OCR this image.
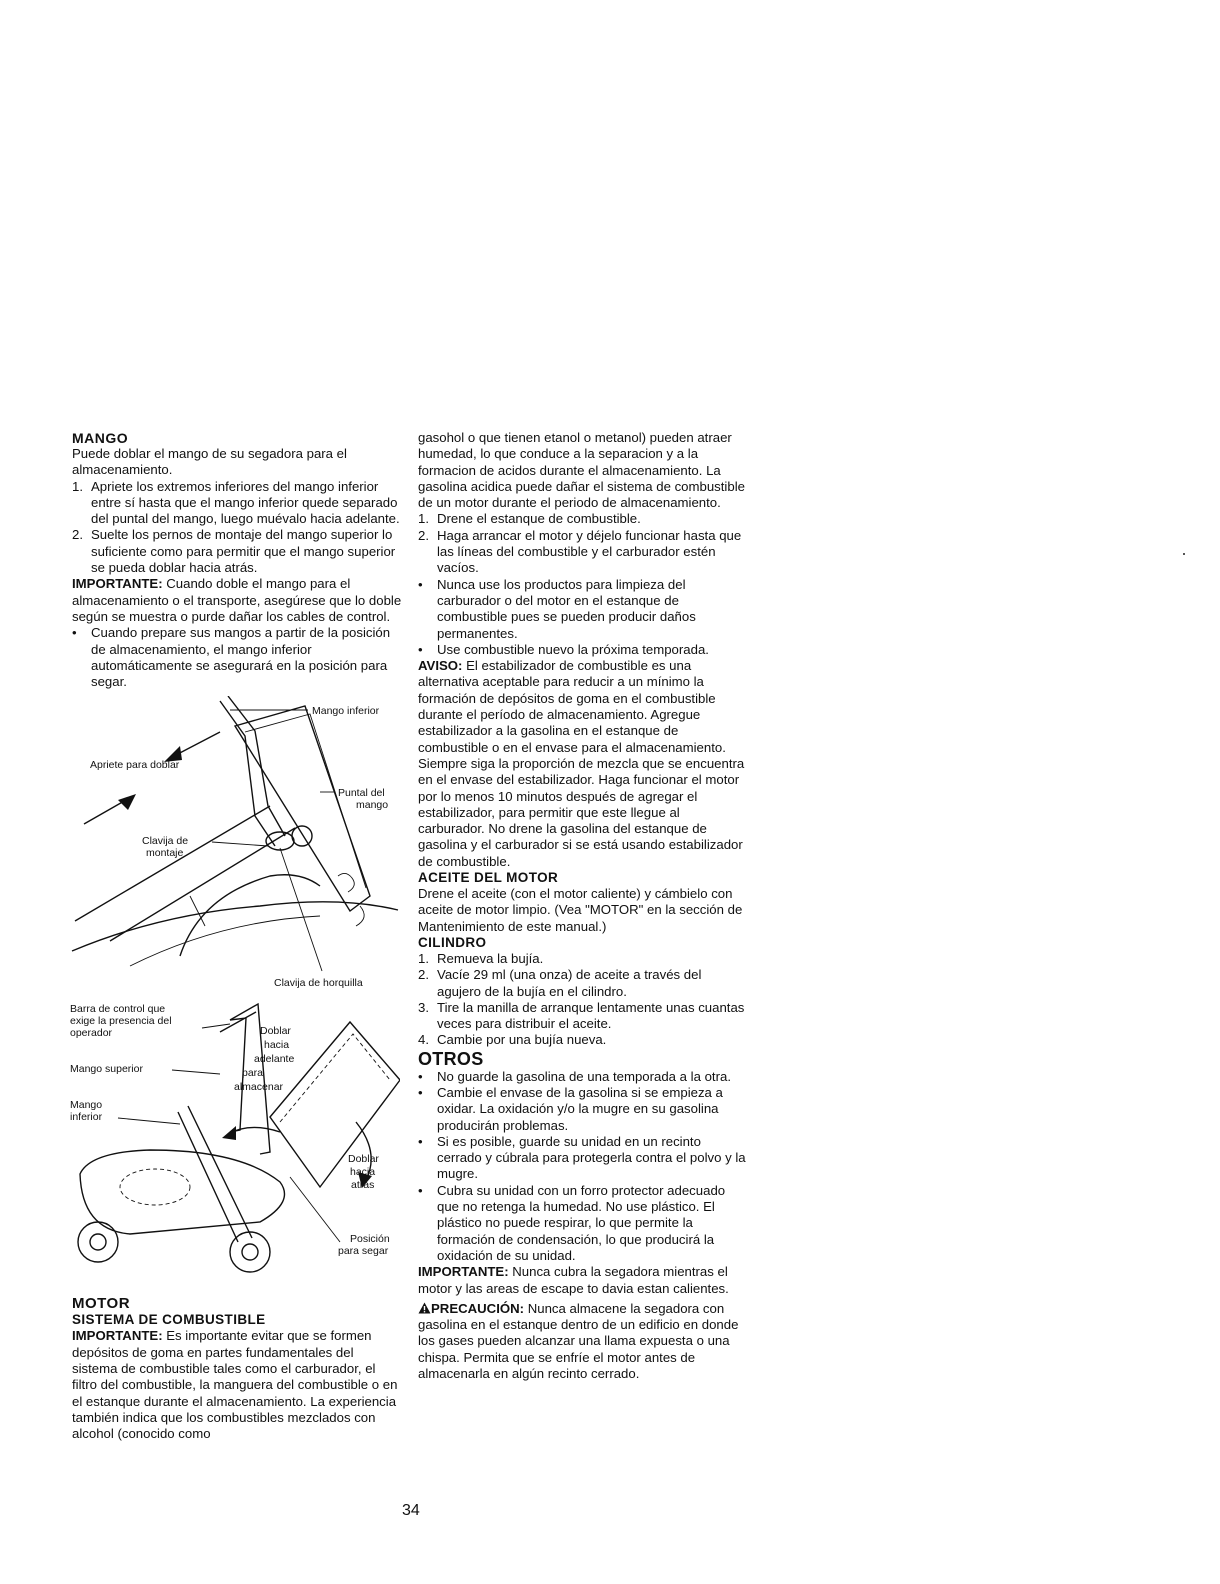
MANGO

Puede doblar el mango de su segadora para el almacenamiento.

1. Apriete los extremos inferiores del mango inferior entre sí hasta que el mango inferior quede separado del puntal del mango, luego muévalo hacia adelante.
2. Suelte los pernos de montaje del mango superior lo suficiente como para permitir que el mango superior se pueda doblar hacia atrás.

IMPORTANTE: Cuando doble el mango para el almacenamiento o el transporte, asegúrese que lo doble según se muestra o purde dañar los cables de control.

• Cuando prepare sus mangos a partir de la posición de almacenamiento, el mango inferior automáticamente se asegurará en la posición para segar.
Mango inferior
Apriete para doblar
Puntal del
mango
Clavija de
montaje
Clavija de horquilla
Barra de control que
exige la presencia del
operador
Mango superior
Mango
inferior
Doblar
hacia
adelante
para
almacenar
Doblar
hacia
atrás
Posición
para segar

MOTOR

SISTEMA DE COMBUSTIBLE

IMPORTANTE: Es importante evitar que se formen depósitos de goma en partes fundamentales del sistema de combustible tales como el carburador, el filtro del combustible, la manguera del combustible o en el estanque durante el almacenamiento. La experiencia también indica que los combustibles mezclados con alcohol (conocido como

34

gasohol o que tienen etanol o metanol) pueden atraer humedad, lo que conduce a la separacion y a la formacion de acidos durante el almacenamiento. La gasolina acidica puede dañar el sistema de combustible de un motor durante el periodo de almacenamiento.

1. Drene el estanque de combustible.
2. Haga arrancar el motor y déjelo funcionar hasta que las líneas del combustible y el carburador estén vacíos.
• Nunca use los productos para limpieza del carburador o del motor en el estanque de combustible pues se pueden producir daños permanentes.
• Use combustible nuevo la próxima temporada.

AVISO: El estabilizador de combustible es una alternativa aceptable para reducir a un mínimo la formación de depósitos de goma en el combustible durante el período de almacenamiento. Agregue estabilizador a la gasolina en el estanque de combustible o en el envase para el almacenamiento. Siempre siga la proporción de mezcla que se encuentra en el envase del estabilizador. Haga funcionar el motor por lo menos 10 minutos después de agregar el estabilizador, para permitir que este llegue al carburador. No drene la gasolina del estanque de gasolina y el carburador si se está usando estabilizador de combustible.

ACEITE DEL MOTOR

Drene el aceite (con el motor caliente) y cámbielo con aceite de motor limpio. (Vea "MOTOR" en la sección de Mantenimiento de este manual.)

CILINDRO

1. Remueva la bujía.
2. Vacíe 29 ml (una onza) de aceite a través del agujero de la bujía en el cilindro.
3. Tire la manilla de arranque lentamente unas cuantas veces para distribuir el aceite.
4. Cambie por una bujía nueva.

OTROS

• No guarde la gasolina de una temporada a la otra.
• Cambie el envase de la gasolina si se empieza a oxidar. La oxidación y/o la mugre en su gasolina producirán problemas.
• Si es posible, guarde su unidad en un recinto cerrado y cúbrala para protegerla contra el polvo y la mugre.
• Cubra su unidad con un forro protector adecuado que no retenga la humedad. No use plástico. El plástico no puede respirar, lo que permite la formación de condensación, lo que producirá la oxidación de su unidad.

IMPORTANTE: Nunca cubra la segadora mientras el motor y las areas de escape to davia estan calientes.

PRECAUCIÓN: Nunca almacene la segadora con gasolina en el estanque dentro de un edificio en donde los gases pueden alcanzar una llama expuesta o una chispa. Permita que se enfríe el motor antes de almacenarla en algún recinto cerrado.
